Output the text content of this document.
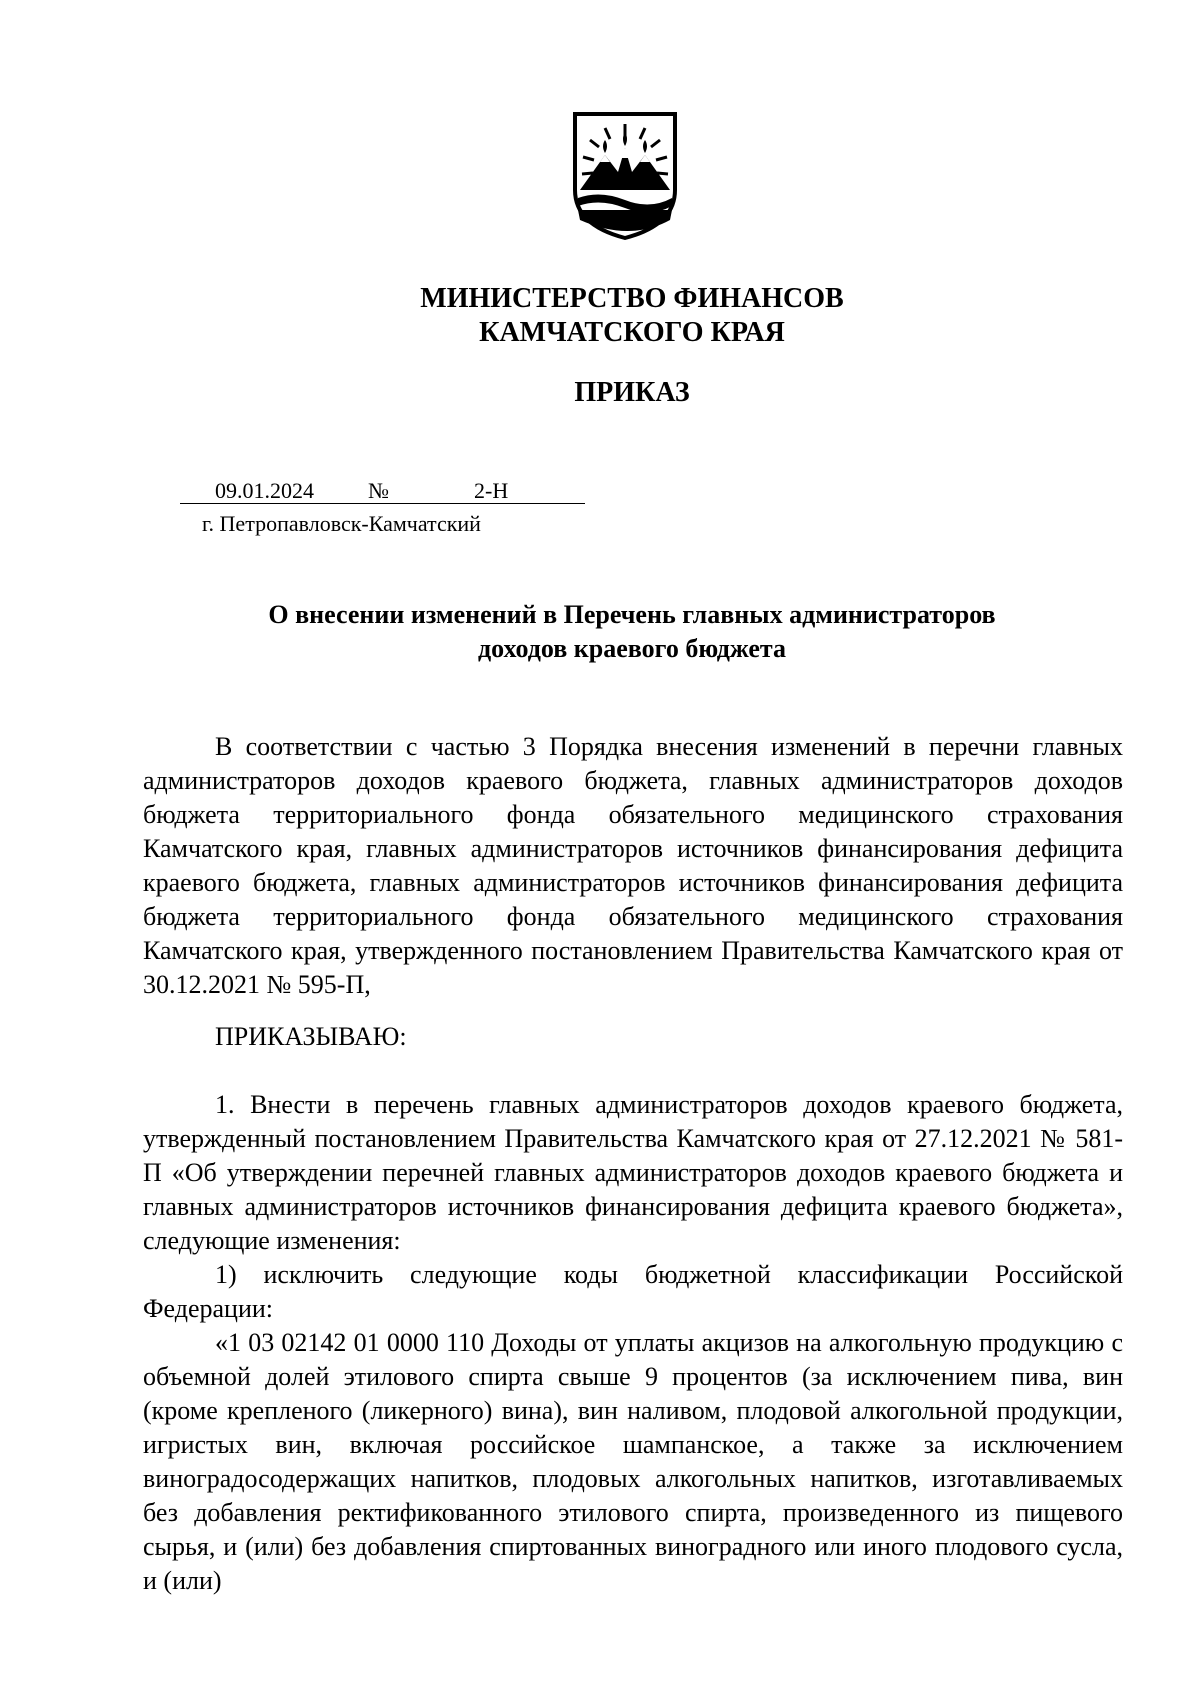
МИНИСТЕРСТВО ФИНАНСОВ
КАМЧАТСКОГО КРАЯ
ПРИКАЗ
09.01.2024 №	2-Н
г. Петропавловск-Камчатский
О внесении изменений в Перечень главных администраторов
доходов краевого бюджета

В соответствии с частью 3 Порядка внесения изменений в перечни главных администраторов доходов краевого бюджета, главных администраторов доходов бюджета территориального фонда обязательного медицинского страхования Камчатского края, главных администраторов источников финансирования дефицита краевого бюджета, главных администраторов источников финансирования дефицита бюджета территориального фонда обязательного медицинского страхования Камчатского края, утвержденного постановлением Правительства Камчатского края от 30.12.2021 № 595-П,

ПРИКАЗЫВАЮ:

1. Внести в перечень главных администраторов доходов краевого бюджета, утвержденный постановлением Правительства Камчатского края от 27.12.2021 № 581-П «Об утверждении перечней главных администраторов доходов краевого бюджета и главных администраторов источников финансирования дефицита краевого бюджета», следующие изменения:

1) исключить следующие коды бюджетной классификации Российской Федерации:

«1 03 02142 01 0000 110 Доходы от уплаты акцизов на алкогольную продукцию с объемной долей этилового спирта свыше 9 процентов (за исключением пива, вин (кроме крепленого (ликерного) вина), вин наливом, плодовой алкогольной продукции, игристых вин, включая российское шампанское, а также за исключением виноградосодержащих напитков, плодовых алкогольных напитков, изготавливаемых без добавления ректификованного этилового спирта, произведенного из пищевого сырья, и (или) без добавления спиртованных виноградного или иного плодового сусла, и (или)
